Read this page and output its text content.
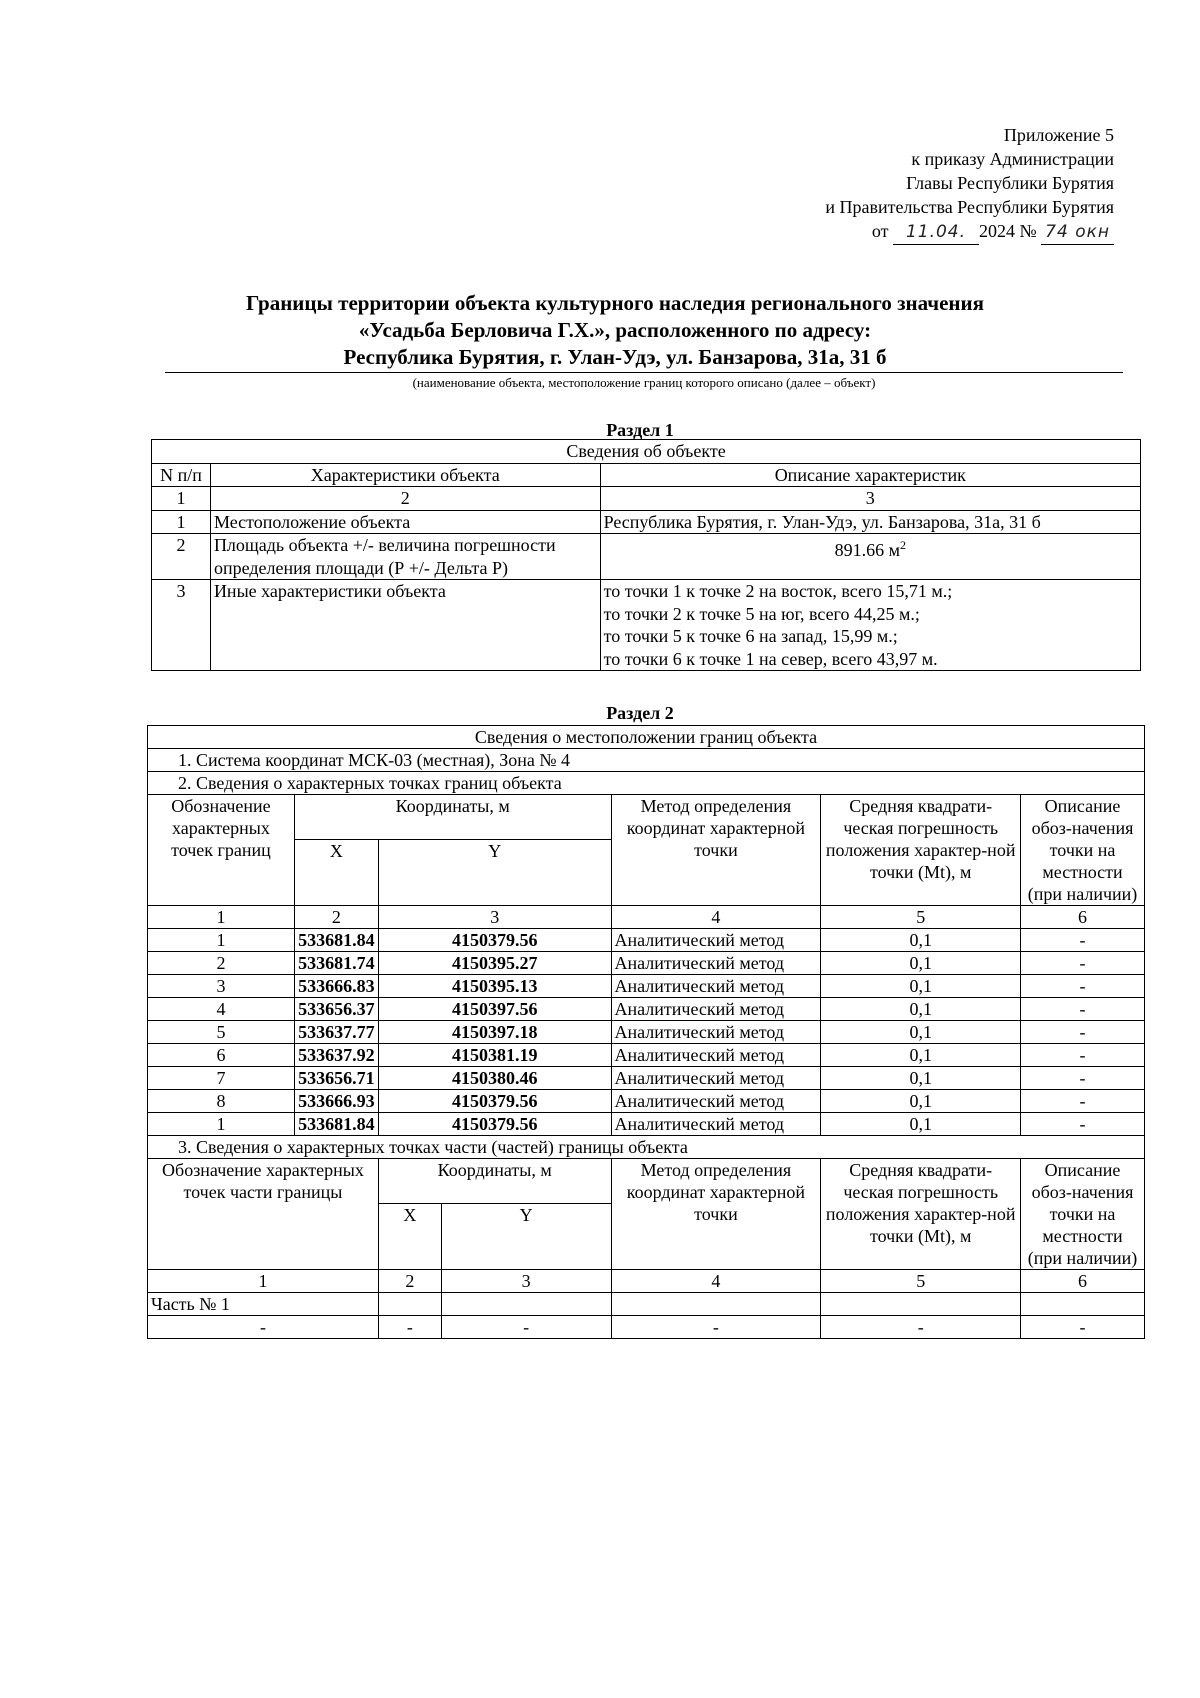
Приложение 5
к приказу Администрации
Главы Республики Бурятия
и Правительства Республики Бурятия
от 11.04. 2024 № 74 окн
Границы территории объекта культурного наследия регионального значения
«Усадьба Берловича Г.Х.», расположенного по адресу:
Республика Бурятия, г. Улан-Удэ, ул. Банзарова, 31а, 31 б
(наименование объекта, местоположение границ которого описано (далее – объект)
Раздел 1
Сведения об объекте		
N п/п	Характеристики объекта	Описание характеристик
1	2	3
1	Местоположение объекта	Республика Бурятия, г. Улан-Удэ, ул. Банзарова, 31а, 31 б
2	Площадь объекта +/- величина погрешности определения площади (Р +/- Дельта Р)	891.66 $м^2$
3	Иные характеристики объекта	то точки 1 к точке 2 на восток, всего 15,71 м.;
то точки 2 к точке 5 на юг, всего 44,25 м.;
то точки 5 к точке 6 на запад, 15,99 м.;
то точки 6 к точке 1 на север, всего 43,97 м.
Раздел 2
Сведения о местоположении границ объекта						
1. Система координат МСК-03 (местная), Зона № 4						
2. Сведения о характерных точках границ объекта						
Обозначение характерных точек границ	Координаты, м			Метод определения координат характерной точки	Средняя квадрати-ческая погрешность положения характер-ной точки (Mt), м	Описание обоз-начения точки на местности (при наличии)
	X	Y				
1	2	3		4	5	6
1	533681.84	4150379.56		Аналитический метод	0,1	-
2	533681.74	4150395.27		Аналитический метод	0,1	-
3	533666.83	4150395.13		Аналитический метод	0,1	-
4	533656.37	4150397.56		Аналитический метод	0,1	-
5	533637.77	4150397.18		Аналитический метод	0,1	-
6	533637.92	4150381.19		Аналитический метод	0,1	-
7	533656.71	4150380.46		Аналитический метод	0,1	-
8	533666.93	4150379.56		Аналитический метод	0,1	-
1	533681.84	4150379.56		Аналитический метод	0,1	-
3. Сведения о характерных точках части (частей) границы объекта						
Обозначение характерных точек части границы		Координаты, м		Метод определения координат характерной точки	Средняя квадрати-ческая погрешность положения характер-ной точки (Mt), м	Описание обоз-начения точки на местности (при наличии)
		X	Y			
1		2	3	4	5	6
Часть № 1						
-		-	-	-	-	-
